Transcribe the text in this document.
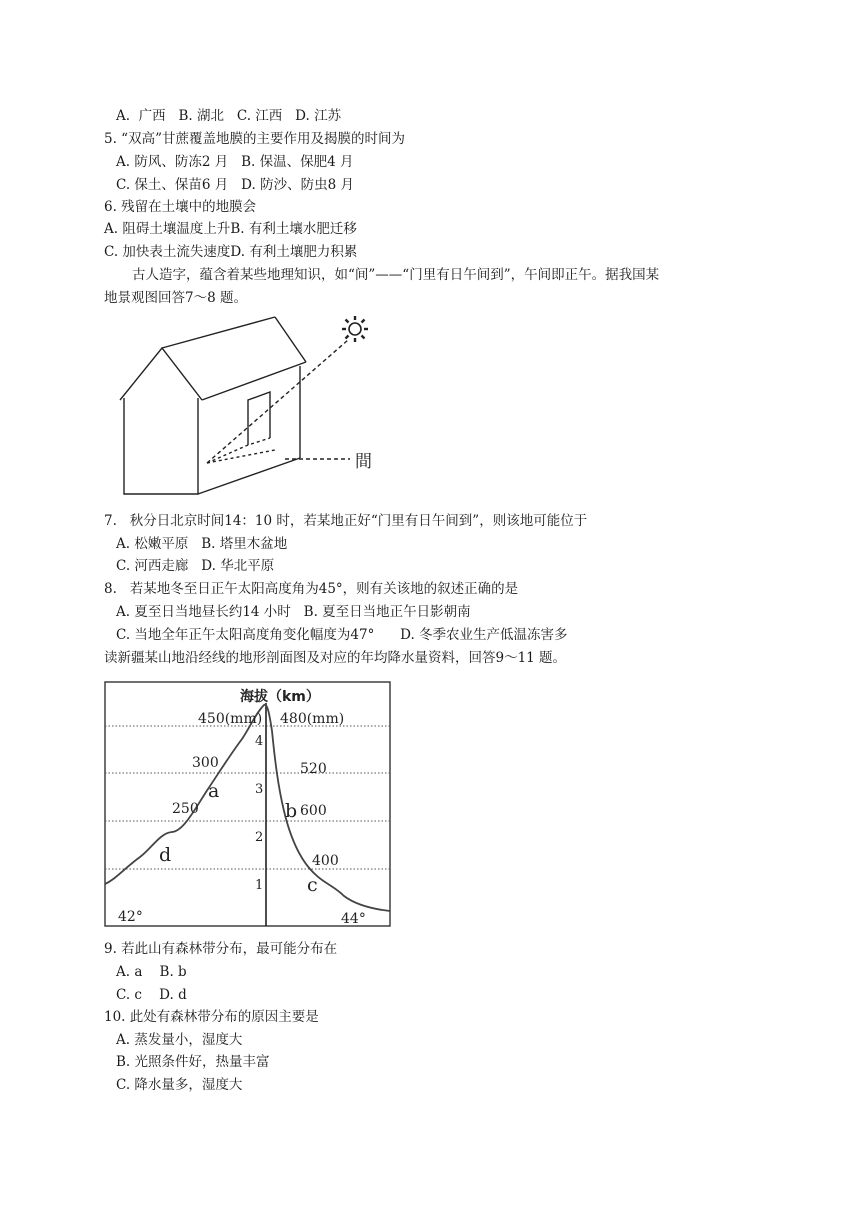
A.  广西   B. 湖北   C. 江西   D. 江苏
5. “双高”甘蔗覆盖地膜的主要作用及揭膜的时间为
A. 防风、防冻2 月   B. 保温、保肥4 月
C. 保土、保苗6 月   D. 防沙、防虫8 月
6. 残留在土壤中的地膜会
A. 阻碍土壤温度上升B. 有利土壤水肥迁移
C. 加快表土流失速度D. 有利土壤肥力积累
古人造字，蕴含着某些地理知识，如“间”——“门里有日午间到”，午间即正午。据我国某
地景观图回答7～8 题。
間
7.   秋分日北京时间14：10 时，若某地正好“门里有日午间到”，则该地可能位于
A. 松嫩平原   B. 塔里木盆地
C. 河西走廊   D. 华北平原
8.   若某地冬至日正午太阳高度角为45°，则有关该地的叙述正确的是
A. 夏至日当地昼长约14 小时   B. 夏至日当地正午日影朝南
C. 当地全年正午太阳高度角变化幅度为47°      D. 冬季农业生产低温冻害多
读新疆某山地沿经线的地形剖面图及对应的年均降水量资料，回答9～11 题。
海拔（km）
4
3
2
1
450(mm)
300
250
480(mm)
520
600
400
a
b
c
d
42°	44°
9. 若此山有森林带分布，最可能分布在
A. a    B. b
C. c    D. d
10. 此处有森林带分布的原因主要是
A. 蒸发量小，湿度大
B. 光照条件好，热量丰富
C. 降水量多，湿度大
